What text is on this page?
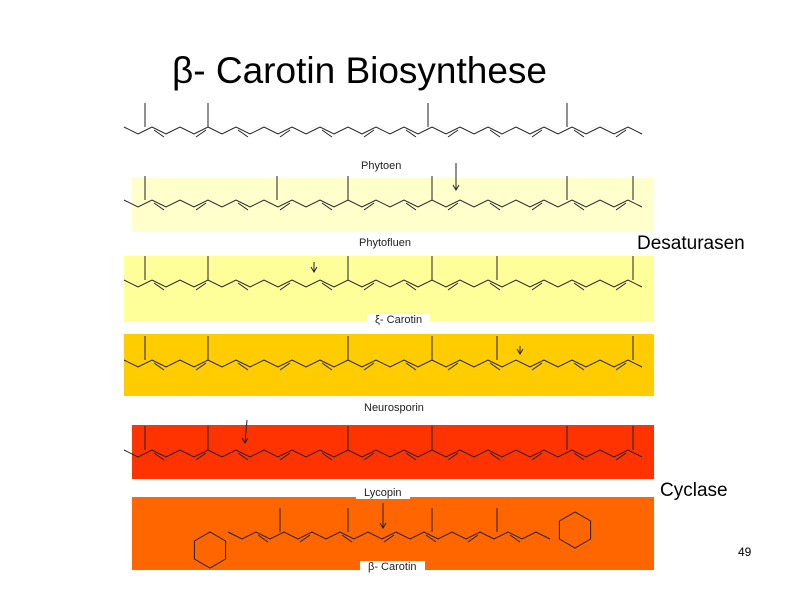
β- Carotin Biosynthese
Phytoen
Phytofluen
ξ- Carotin
Neurosporin
Lycopin
β- Carotin
Desaturasen
Cyclase
49
